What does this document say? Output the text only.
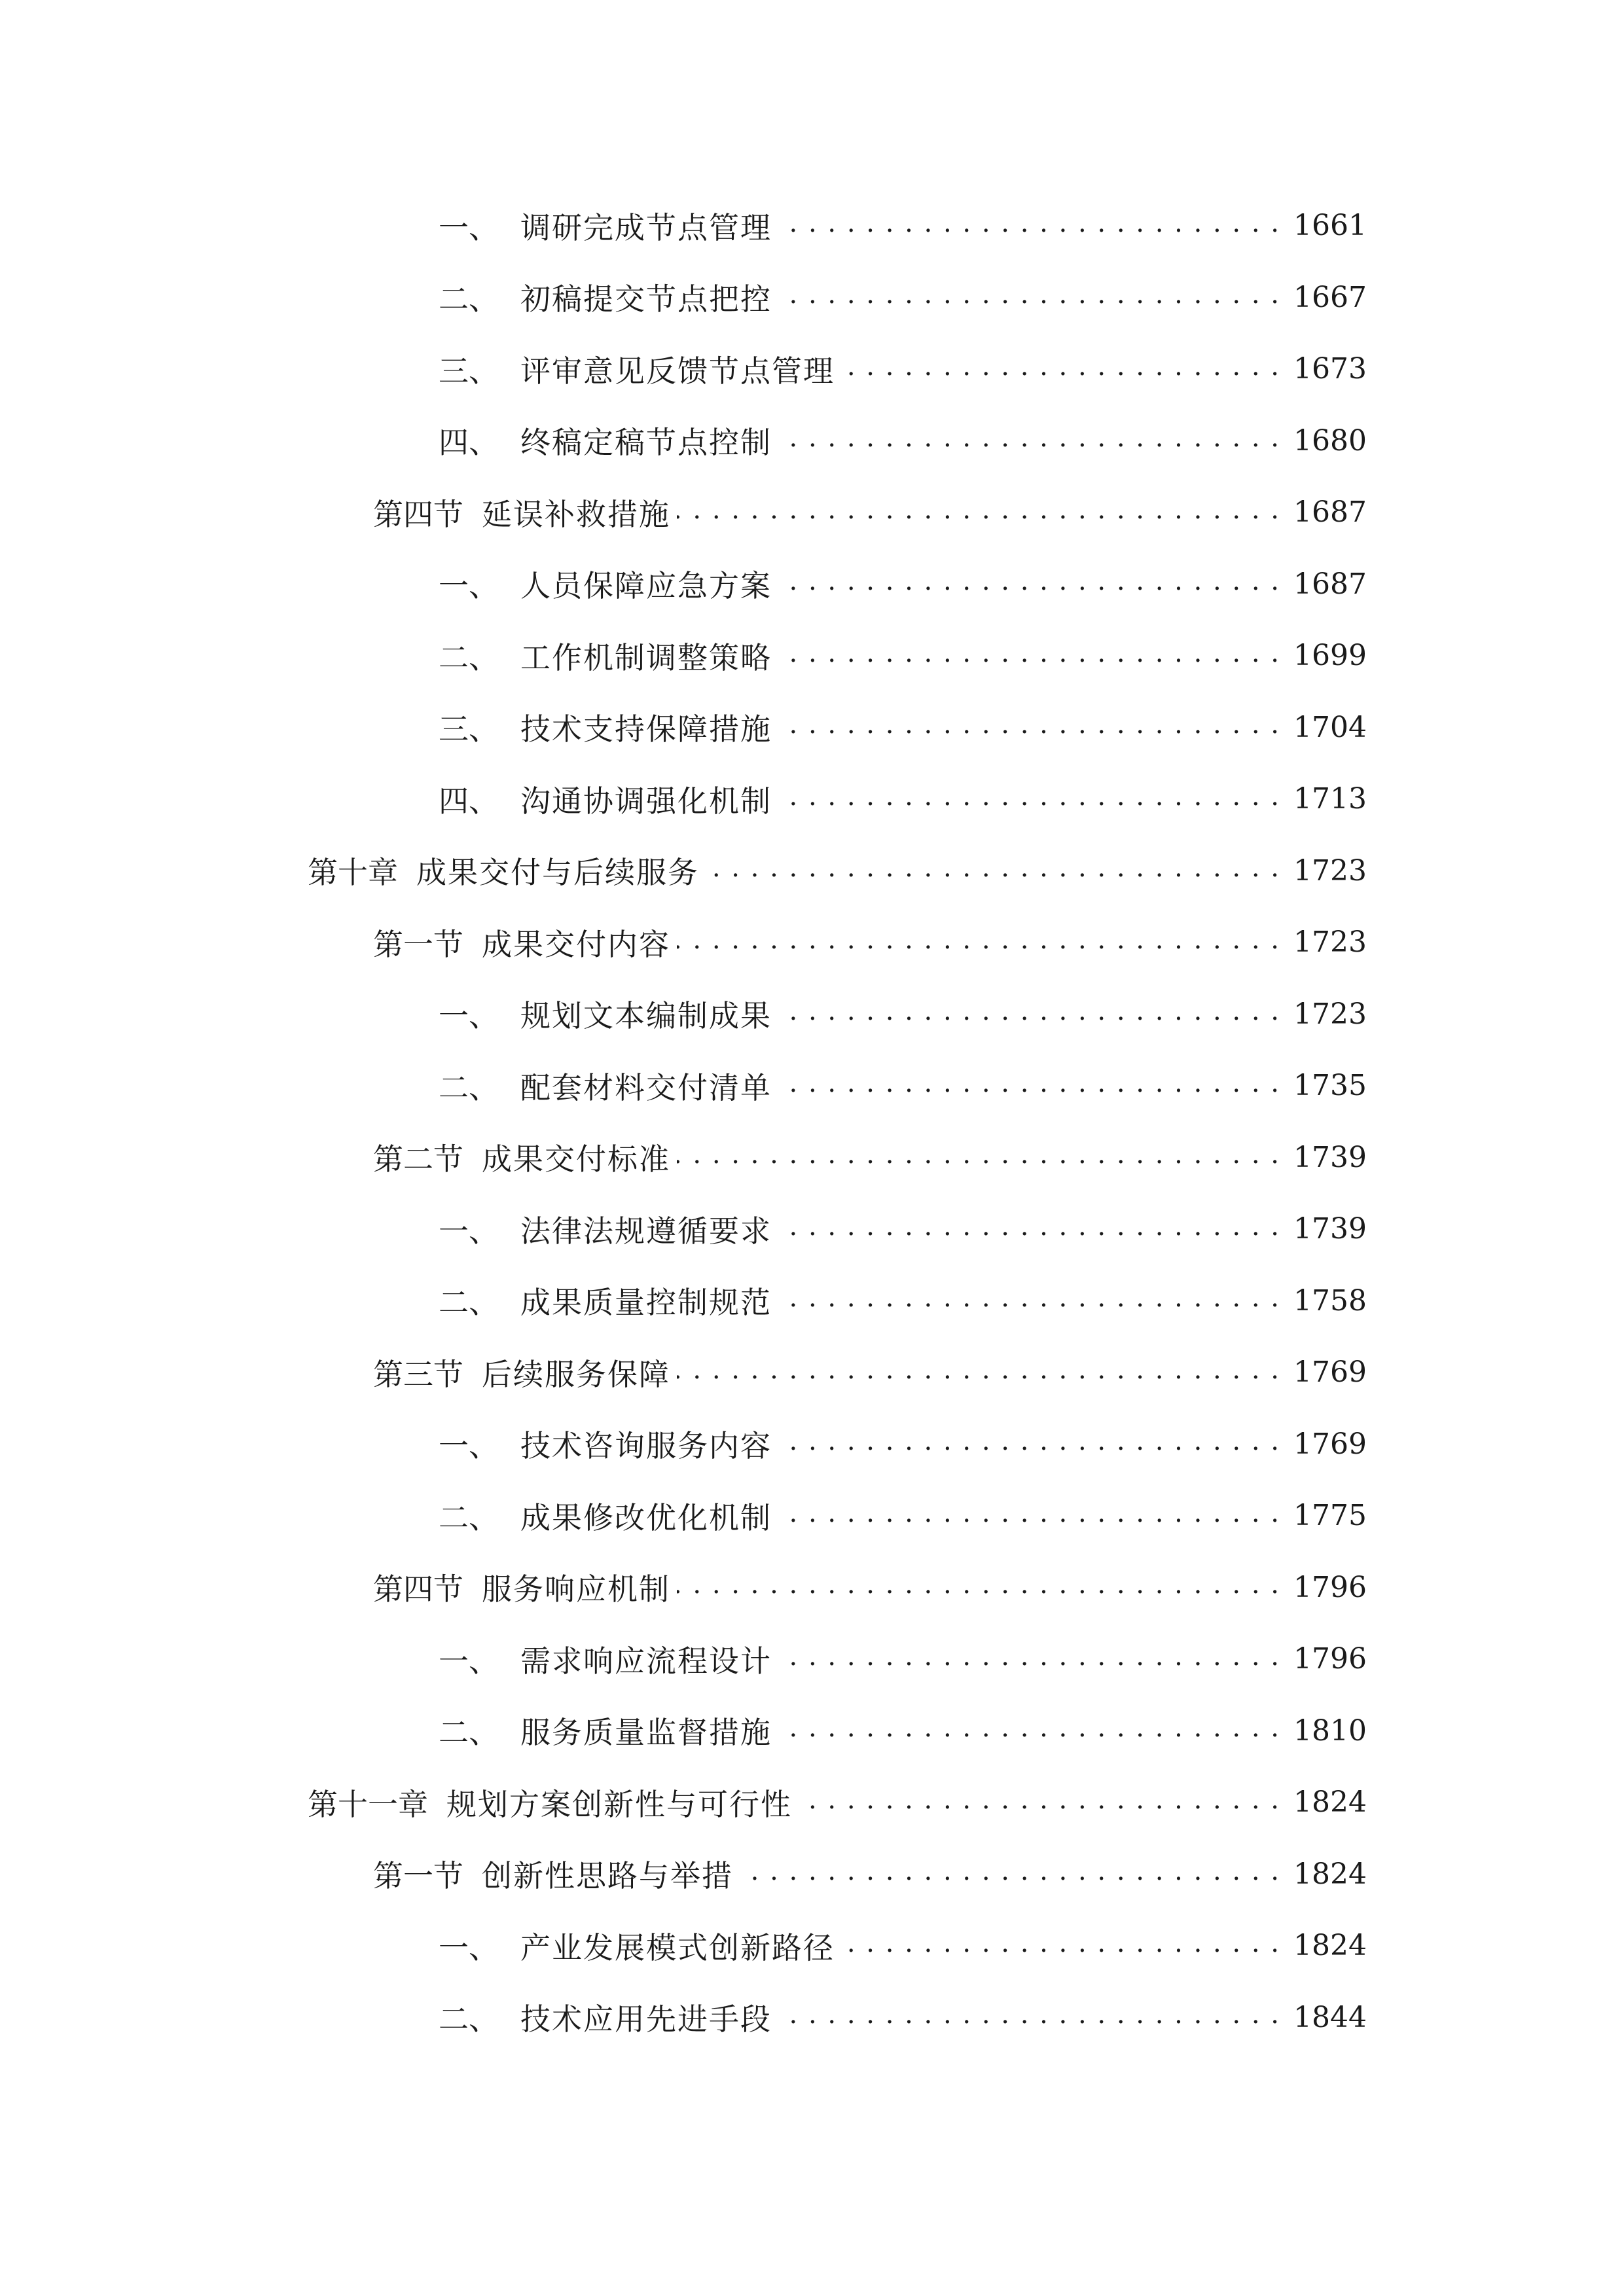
一、 调研完成节点管理 . . .	1661
二、 初稿提交节点把控 . . .	1667
三、 评审意见反馈节点管理 . . .	1673
四、 终稿定稿节点控制 . . .	1680
第四节 延误补救措施 . . .	1687
一、 人员保障应急方案 . . .	1687
二、 工作机制调整策略 . . .	1699
三、 技术支持保障措施 . . .	1704
四、 沟通协调强化机制 . . .	1713
第十章 成果交付与后续服务 . . .	1723
第一节 成果交付内容 . . .	1723
一、 规划文本编制成果 . . .	1723
二、 配套材料交付清单 . . .	1735
第二节 成果交付标准 . . .	1739
一、 法律法规遵循要求 . . .	1739
二、 成果质量控制规范 . . .	1758
第三节 后续服务保障 . . .	1769
一、 技术咨询服务内容 . . .	1769
二、 成果修改优化机制 . . .	1775
第四节 服务响应机制 . . .	1796
一、 需求响应流程设计 . . .	1796
二、 服务质量监督措施 . . .	1810
第十一章 规划方案创新性与可行性 . . .	1824
第一节 创新性思路与举措 . . .	1824
一、 产业发展模式创新路径 . . .	1824
二、 技术应用先进手段 . . .	1844
